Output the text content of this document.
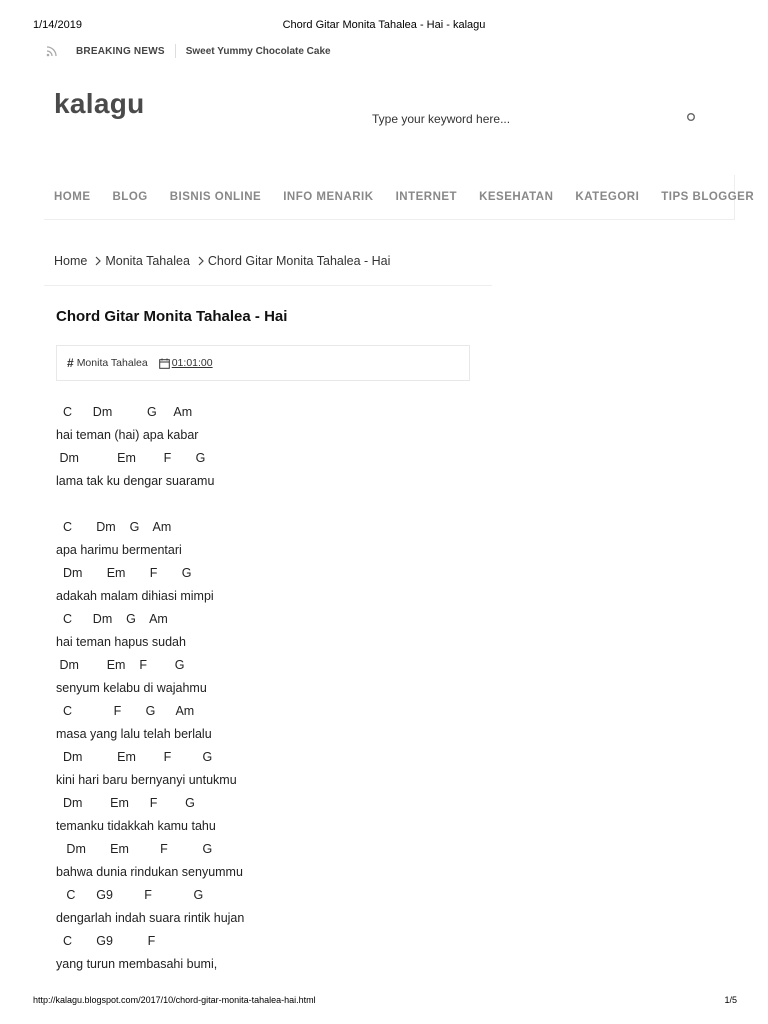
1/14/2019	Chord Gitar Monita Tahalea - Hai - kalagu
BREAKING NEWS Sweet Yummy Chocolate Cake
kalagu
Type your keyword here...
HOME	BLOG	BISNIS ONLINE	INFO MENARIK	INTERNET	KESEHATAN	KATEGORI	TIPS BLOGGER
Home Monita Tahalea Chord Gitar Monita Tahalea - Hai
Chord Gitar Monita Tahalea - Hai
# Monita Tahalea 01:01:00
C      Dm          G     Am
hai teman (hai) apa kabar
Dm           Em        F       G
lama tak ku dengar suaramu
C       Dm    G    Am
apa harimu bermentari
Dm       Em       F       G
adakah malam dihiasi mimpi
C      Dm    G    Am
hai teman hapus sudah
Dm        Em    F        G
senyum kelabu di wajahmu
C            F       G      Am
masa yang lalu telah berlalu
Dm          Em        F         G
kini hari baru bernyanyi untukmu
Dm        Em      F        G
temanku tidakkah kamu tahu
Dm       Em         F          G
bahwa dunia rindukan senyummu
C      G9         F            G
dengarlah indah suara rintik hujan
C       G9          F
yang turun membasahi bumi,
http://kalagu.blogspot.com/2017/10/chord-gitar-monita-tahalea-hai.html	1/5
